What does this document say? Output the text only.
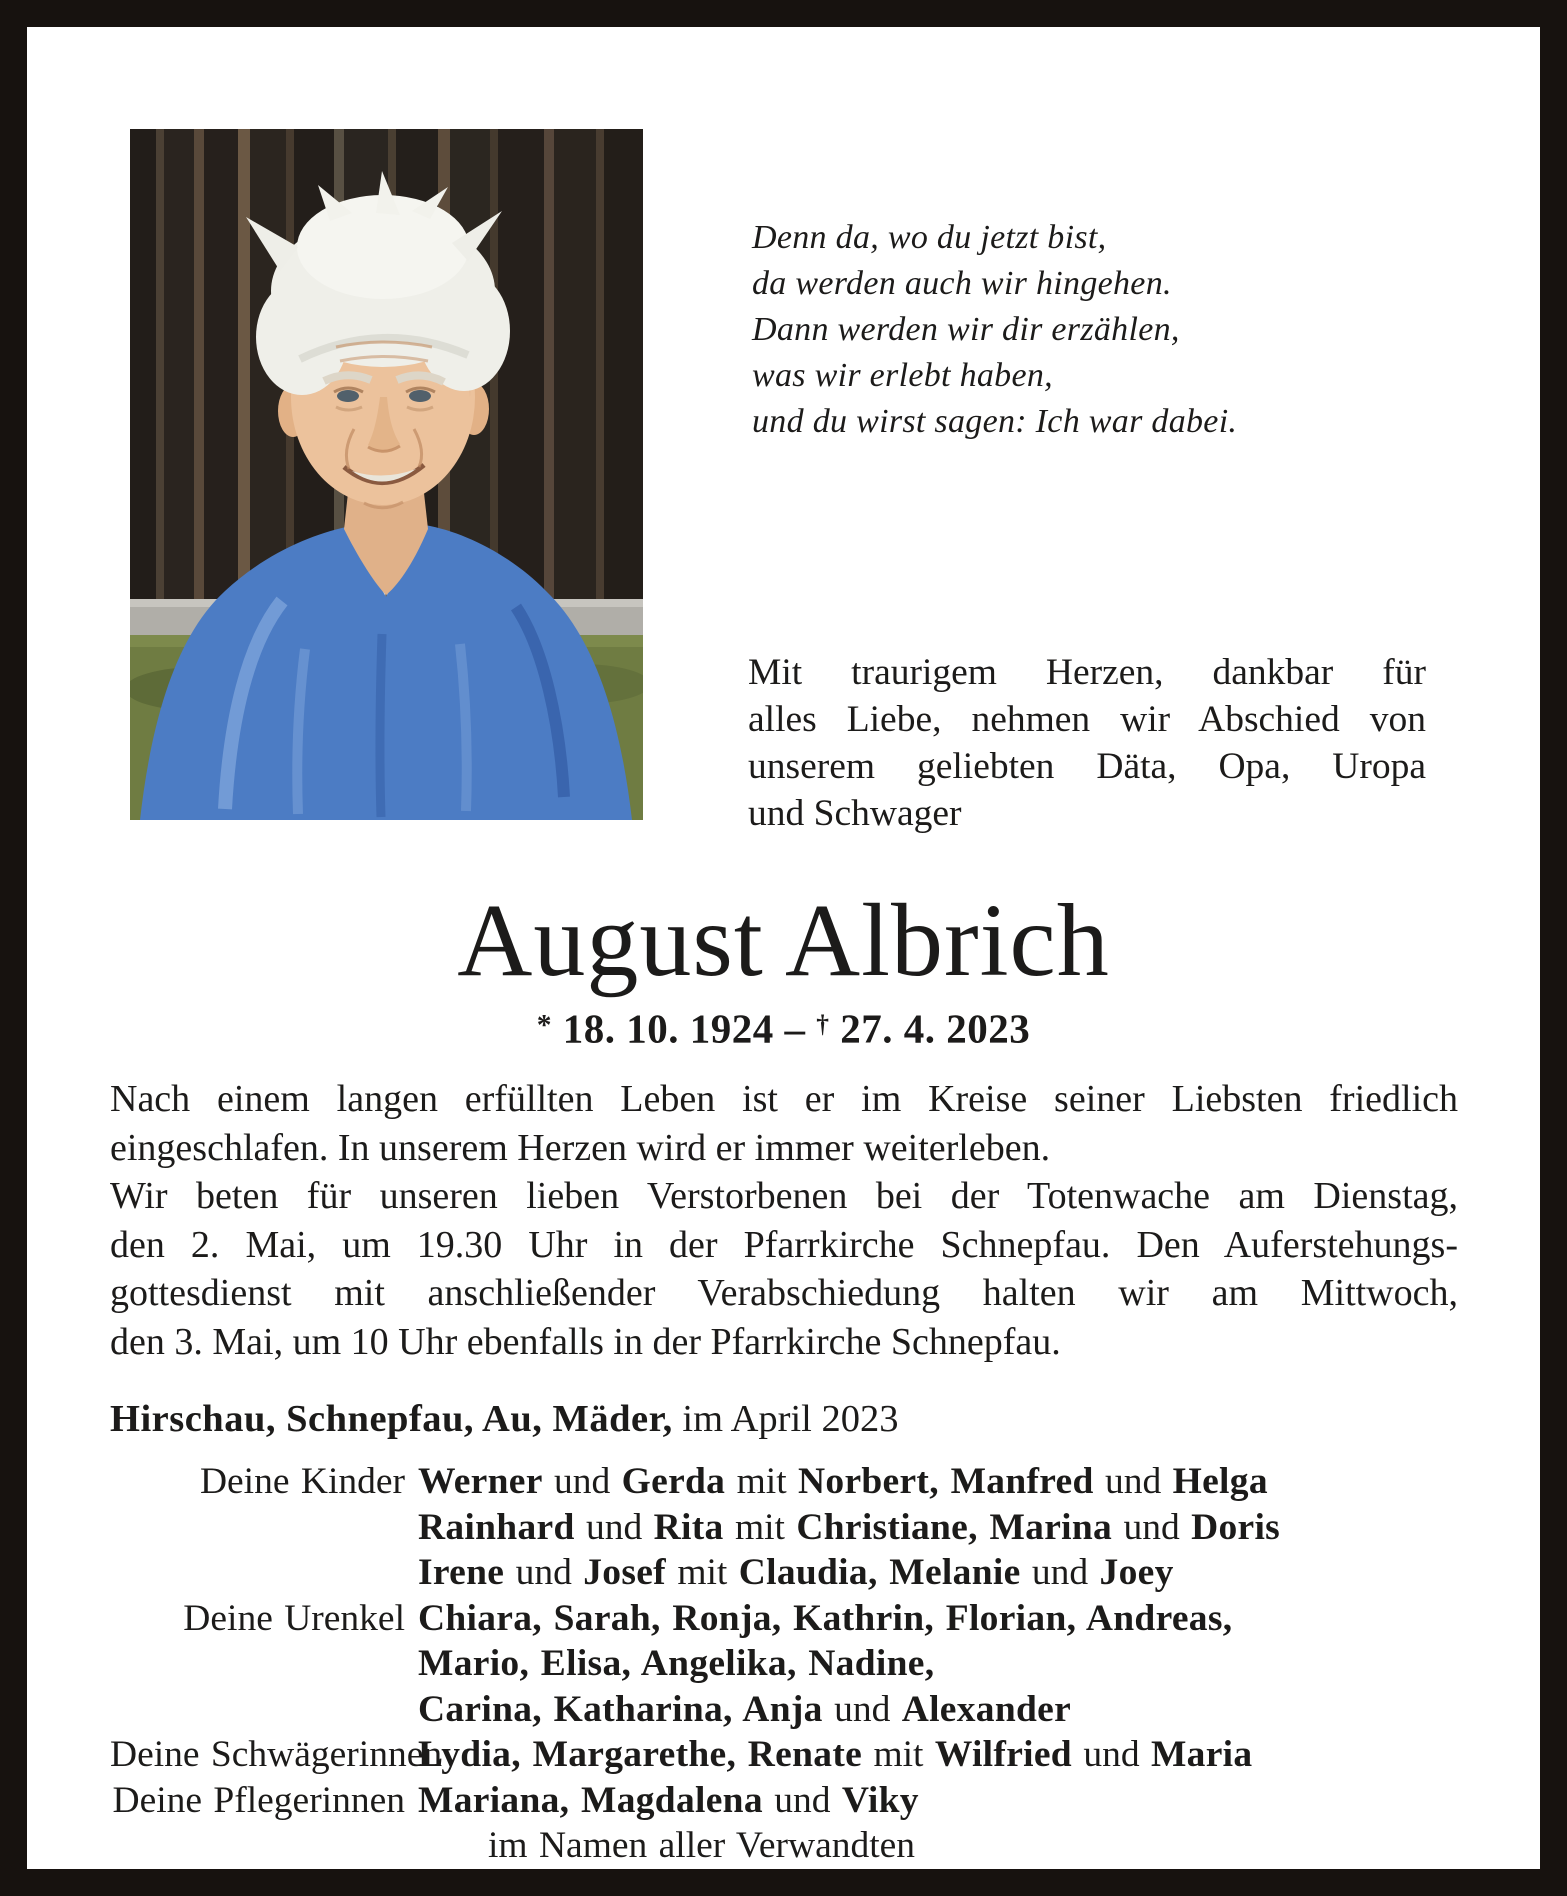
Denn da, wo du jetzt bist,
da werden auch wir hingehen.
Dann werden wir dir erzählen,
was wir erlebt haben,
und du wirst sagen: Ich war dabei.
Mit traurigem Herzen, dankbar für
alles Liebe, nehmen wir Abschied von
unserem geliebten Däta, Opa, Uropa
und Schwager
August Albrich
* 18. 10. 1924 – † 27. 4. 2023
Nach einem langen erfüllten Leben ist er im Kreise seiner Liebsten friedlich
eingeschlafen. In unserem Herzen wird er immer weiterleben.
Wir beten für unseren lieben Verstorbenen bei der Totenwache am Dienstag,
den 2. Mai, um 19.30 Uhr in der Pfarrkirche Schnepfau. Den Auferstehungs-
gottesdienst mit anschließender Verabschiedung halten wir am Mittwoch,
den 3. Mai, um 10 Uhr ebenfalls in der Pfarrkirche Schnepfau.
Hirschau, Schnepfau, Au, Mäder, im April 2023
Deine Kinder Werner und Gerda mit Norbert, Manfred und Helga
Rainhard und Rita mit Christiane, Marina und Doris
Irene und Josef mit Claudia, Melanie und Joey
Deine Urenkel Chiara, Sarah, Ronja, Kathrin, Florian, Andreas,
Mario, Elisa, Angelika, Nadine,
Carina, Katharina, Anja und Alexander
Deine Schwägerinnen
Lydia, Margarethe, Renate mit Wilfried und Maria
Deine Pflegerinnen Mariana, Magdalena und Viky
im Namen aller Verwandten
